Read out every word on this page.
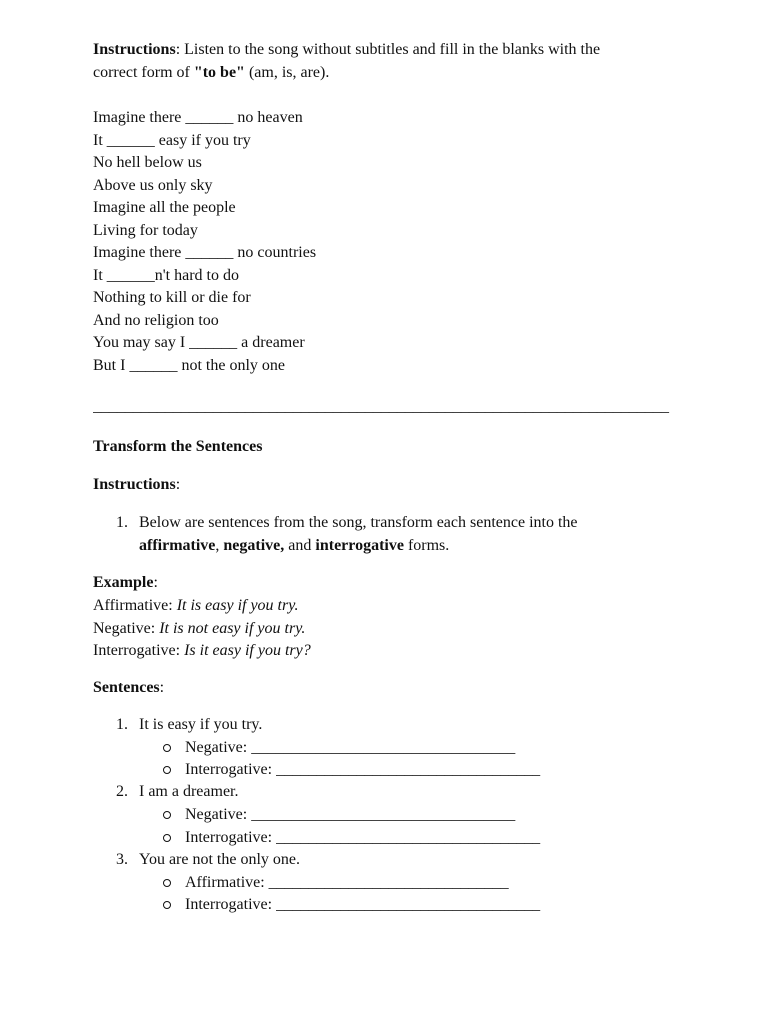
Instructions: Listen to the song without subtitles and fill in the blanks with the
correct form of "to be" (am, is, are).
Imagine there ______ no heaven
It ______ easy if you try
No hell below us
Above us only sky
Imagine all the people
Living for today
Imagine there ______ no countries
It ______n't hard to do
Nothing to kill or die for
And no religion too
You may say I ______ a dreamer
But I ______ not the only one
________________________________________________________________________
Transform the Sentences
Instructions:
1. Below are sentences from the song, transform each sentence into the
affirmative, negative, and interrogative forms.
Example:
Affirmative: It is easy if you try.
Negative: It is not easy if you try.
Interrogative: Is it easy if you try?
Sentences:
1. It is easy if you try.
Negative: _________________________________
Interrogative: _________________________________
2. I am a dreamer.
Negative: _________________________________
Interrogative: _________________________________
3. You are not the only one.
Affirmative: ______________________________
Interrogative: _________________________________
